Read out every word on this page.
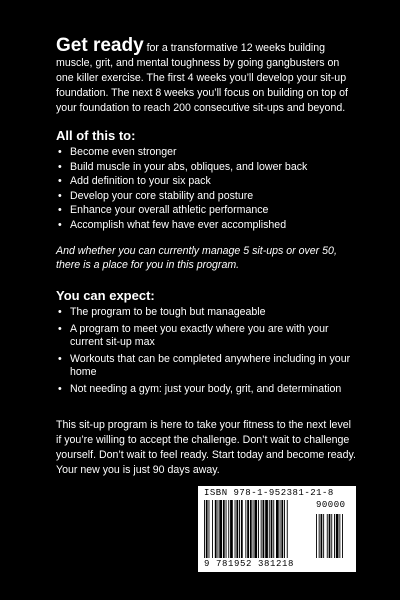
Get ready for a transformative 12 weeks building muscle, grit, and mental toughness by going gangbusters on one killer exercise. The first 4 weeks you’ll develop your sit-up foundation. The next 8 weeks you’ll focus on building on top of your foundation to reach 200 consecutive sit-ups and beyond.

All of this to:
• Become even stronger
• Build muscle in your abs, obliques, and lower back
• Add definition to your six pack
• Develop your core stability and posture
• Enhance your overall athletic performance
• Accomplish what few have ever accomplished

And whether you can currently manage 5 sit-ups or over 50, there is a place for you in this program.

You can expect:
• The program to be tough but manageable
• A program to meet you exactly where you are with your current sit-up max
• Workouts that can be completed anywhere including in your home
• Not needing a gym: just your body, grit, and determination

This sit-up program is here to take your fitness to the next level if you’re willing to accept the challenge. Don’t wait to challenge yourself. Don’t wait to feel ready. Start today and become ready. Your new you is just 90 days away.

ISBN 978-1-952381-21-8
9 781952 381218
90000
